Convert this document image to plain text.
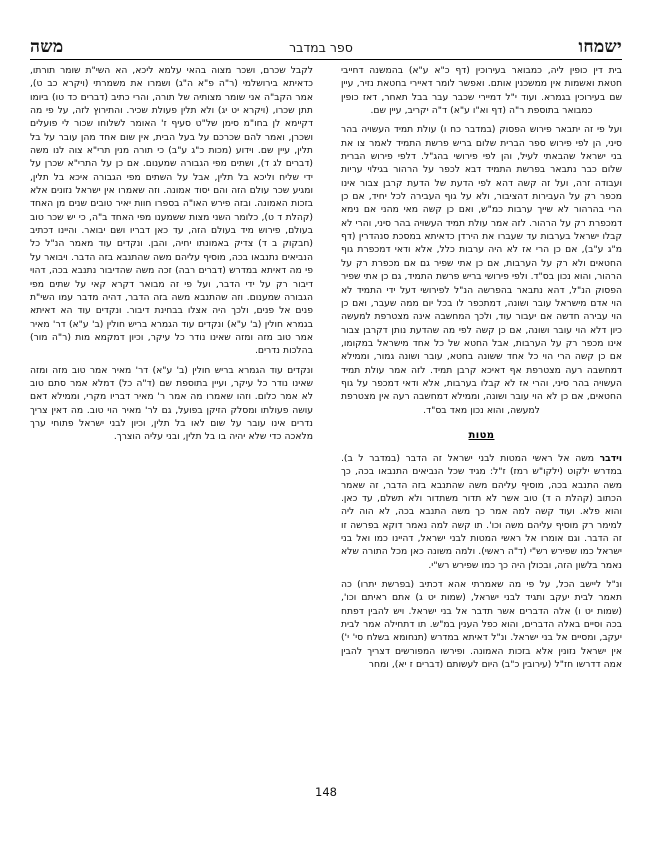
ישמחו
ספר במדבר
משה

בית דין כופין ליה, כמבואר בעירוכין (דף כ"א ע"א) בהמשנה דחייבי חטאת ואשמות אין ממשכנין אותם. ואפשר לומר דאיירי בחטאת נזיר, עיין שם בעירוכין בגמרא. ועוד י"ל דמיירי שכבר עבר בבל תאחר, דאז כופין כמבואר בתוספת ר"ה (דף וא"ו ע"א) ד"ה יקריב, עיין שם.

ועל פי זה יתבאר פירוש הפסוק (במדבר כח ו) עולת תמיד העשויה בהר סיני, הן לפי פירוש ספר הברית שלום בריש פרשת התמיד לאמר צו את בני ישראל שהבאתי לעיל, והן לפי פירושי בהג"ל. דלפי פירוש הברית שלום כבר נתבאר בפרשת התמיד דבא לכפר על הרהור בגילוי עריות ועבודה זרה, ועל זה קשה דהא לפי הדעת של הדעת קרבן צבור אינו מכפר רק על העבירות דהציבור, ולא על גוף העבירה לכל יחיד, אם כן הרי בהרהור לא שייך ערבות כמ"ש, ואם כן קשה מאי מהני אם נימא דמכפרת רק על הרהור. לזה אמר עולת תמיד העשויה בהר סיני, והרי לא קבלו ישראל בערבות עד שעברו את הירדן כדאיתא במסכת סנהדרין (דף מ"ג ע"ב), אם כן הרי אז לא היה ערבות כלל, אלא ודאי דמכפרת גוף החטאים ולא רק על הערבות, אם כן אתי שפיר גם אם מכפרת רק על הרהור, והוא נכון בס"ד. ולפי פירושי בריש פרשת התמיד, גם כן אתי שפיר הפסוק הנ"ל, דהא נתבאר בהפרשה הנ"ל לפירושי דעל ידי התמיד לא הוי אדם מישראל עובר ושונה, דמתכפר לו בכל יום ממה שעבר, ואם כן הוי עבירה חדשה אם יעבור עוד, ולכך המחשבה אינה מצטרפת למעשה כיון דלא הוי עובר ושונה, אם כן קשה לפי מה שהדעת נותן דקרבן צבור אינו מכפר רק על הערבות, אבל החטא של כל אחד מישראל במקומו, אם כן קשה הרי הוי כל אחד ששונה בחטא, עובר ושונה גמור, וממילא דמחשבה רעה מצטרפת אף דאיכא קרבן תמיד. לזה אמר עולת תמיד העשויה בהר סיני, והרי אז לא קבלו בערבות, אלא ודאי דמכפר על גוף החטאים, אם כן לא הוי עובר ושונה, וממילא דמחשבה רעה אין מצטרפת למעשה, והוא נכון מאד בס"ד.

מטות

וידבר משה אל ראשי המטות לבני ישראל זה הדבר (במדבר ל ב). במדרש ילקוט (ילקו"ש רמז) ז"ל: מגיד שכל הנביאים התנבאו בכה, כך משה התנבא בכה, מוסיף עליהם משה שהתנבא בזה הדבר, זה שאמר הכתוב (קהלת ה ד) טוב אשר לא תדור משתדור ולא תשלם, עד כאן. והוא פלא. ועוד קשה למה אמר כך משה התנבא בכה, לא הוה ליה למימר רק מוסיף עליהם משה וכו'. תו קשה למה נאמר דוקא בפרשה זו זה הדבר. וגם אומרו אל ראשי המטות לבני ישראל, דהיינו כמו ואל בני ישראל כמו שפירש רש"י (ד"ה ראשי). ולמה משונה כאן מכל התורה שלא נאמר בלשון הזה, ובכולן היה כך כמו שפירש רש"י.

ונ"ל ליישב הכל, על פי מה שאמרתי אהא דכתיב (בפרשת יתרו) כה תאמר לבית יעקב ותגיד לבני ישראל, (שמות יט ג) אתם ראיתם וכו', (שמות יט ו) אלה הדברים אשר תדבר אל בני ישראל. ויש להבין דפתח בכה וסיים באלה הדברים, והוא כפל הענין במ"ש. תו דתחילה אמר לבית יעקב, ומסיים אל בני ישראל. ונ"ל דאיתא במדרש (תנחומא בשלח סי' י') אין ישראל נזונין אלא בזכות האמונה. ופירשו המפורשים דצריך להבין אמה דדרשו חז"ל (עירובין כ"ב) היום לעשותם (דברים ז יא), ומחר

לקבל שכרם, ושכר מצוה בהאי עלמא ליכא, הא השי"ת שומר תורתו, כדאיתא בירושלמי (ר"ה פ"א ה"ג) ושמרו את משמרתי (ויקרא כב ט), אמר הקב"ה אני שומר מצותיה של תורה, והרי כתיב (דברים כד טו) ביומו תתן שכרו, (ויקרא יט יג) ולא תלין פעולת שכיר. והתירוץ לזה, על פי מה דקיימא לן בחו"מ סימן של"ט סעיף ז' האומר לשלוחו שכור לי פועלים ושכרן, ואמר להם שכרכם על בעל הבית, אין שום אחד מהן עובר על בל תלין, עיין שם. וידוע (מכות כ"ג ע"ב) כי תורה מנין תרי"א צוה לנו משה (דברים לג ד), ושתים מפי הגבורה שמענום. אם כן על התרי"א שכרן על ידי שליח וליכא בל תלין, אבל על השתים מפי הגבורה איכא בל תלין, ומגיע שכר עולם הזה והם יסוד אמונה. וזה שאמרו אין ישראל נזונים אלא בזכות האמונה. ובזה פירש האו"ה בספרו חוות יאיר טובים שנים מן האחד (קהלת ד ט), כלומר השני מצות ששמענו מפי האחד ב"ה, כי יש שכר טוב בעולם, פירוש מיד בעולם הזה, עד כאן דבריו ושם יבואר. והיינו דכתיב (חבקוק ב ד) צדיק באמונתו יחיה, והבן. ונקדים עוד מאמר הנ"ל כל הנביאים נתנבאו בכה, מוסיף עליהם משה שהתנבא בזה הדבר. ויבואר על פי מה דאיתא במדרש (דברים רבה) זכה משה שהדיבור נתנבא בכה, דהוי דיבור רק על ידי הדבר, ועל פי זה מבואר דקרא קאי על שתים מפי הגבורה שמענום. וזה שהתנבא משה בזה הדבר, דהיה מדבר עמו השי"ת פנים אל פנים, ולכך היה אצלו בבחינת דיבור. ונקדים עוד הא דאיתא בגמרא חולין (ב' ע"א) ונקדים עוד הגמרא בריש חולין (ב' ע"א) דר' מאיר אמר טוב מזה ומזה שאינו נודר כל עיקר, וכיון דמקמא מות (ר"ה מור) בהלכות נדרים.

ונקדים עוד הגמרא בריש חולין (ב' ע"א) דר' מאיר אמר טוב מזה ומזה שאינו נודר כל עיקר, ועיין בתוספת שם (ד"ה כל) דמלא אמר סתם טוב לא אמר כלום. וזהו שאמרו מה אמר ר' מאיר דבריו מקרי, וממילא דאם עושה פעולתו ומסלק הזיקן בפועל, גם לר' מאיר הוי טוב. מה דאין צריך נדרים אינו עובר על שום לאו בל תלין, וכיון לבני ישראל פתוחי ערך מלאכה כדי שלא יהיה בו בל תלין, ובני עליה הוצרך.

148
